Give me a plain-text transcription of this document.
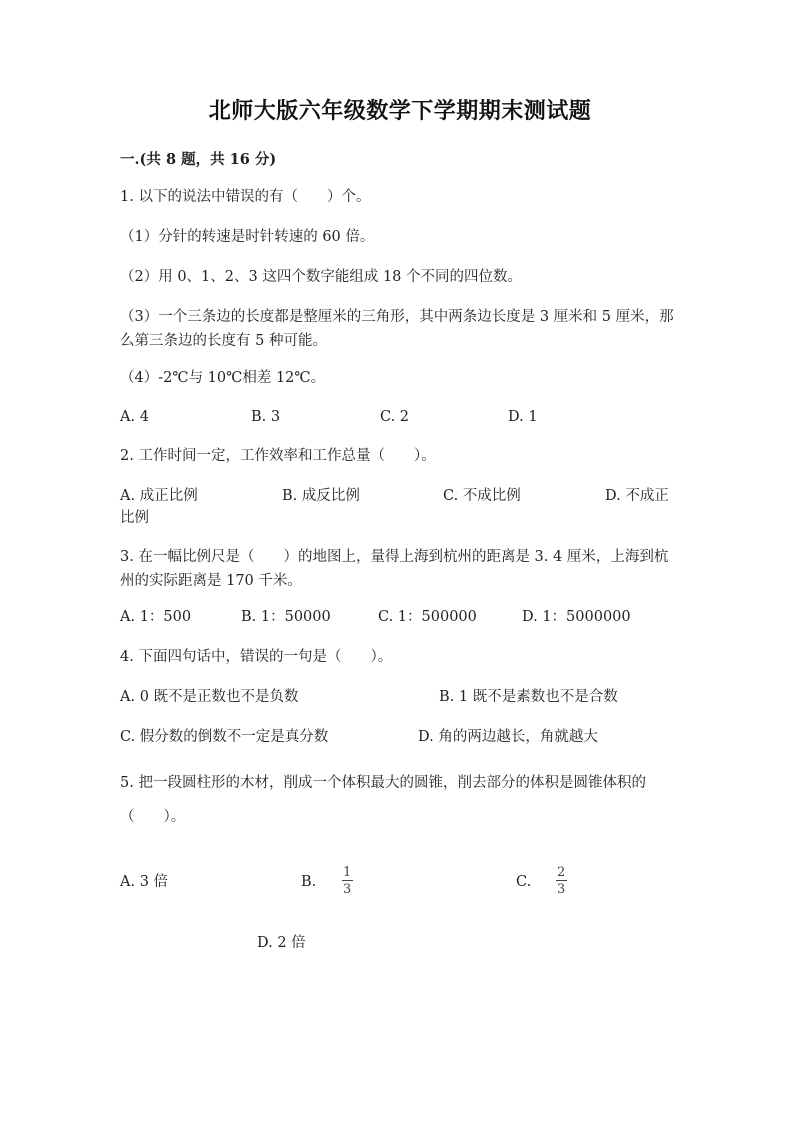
北师大版六年级数学下学期期末测试题
一.(共 8 题，共 16 分)
1. 以下的说法中错误的有（　　）个。
（1）分针的转速是时针转速的 60 倍。
（2）用 0、1、2、3 这四个数字能组成 18 个不同的四位数。
（3）一个三条边的长度都是整厘米的三角形，其中两条边长度是 3 厘米和 5 厘米，那么第三条边的长度有 5 种可能。
（4）-2℃与 10℃相差 12℃。
A. 4	B. 3	C. 2	D. 1
2. 工作时间一定，工作效率和工作总量（　　）。
A. 成正比例	B. 成反比例	C. 不成比例	D. 不成正
比例
3. 在一幅比例尺是（　　）的地图上，量得上海到杭州的距离是 3. 4 厘米，上海到杭州的实际距离是 170 千米。
A. 1：500	B. 1：50000	C. 1：500000	D. 1：5000000
4. 下面四句话中，错误的一句是（　　）。
A. 0 既不是正数也不是负数	B. 1 既不是素数也不是合数
C. 假分数的倒数不一定是真分数	D. 角的两边越长，角就越大
5. 把一段圆柱形的木材，削成一个体积最大的圆锥，削去部分的体积是圆锥体积的（　　）。
A. 3 倍	B.
1
3	C.
2
3
D. 2 倍
